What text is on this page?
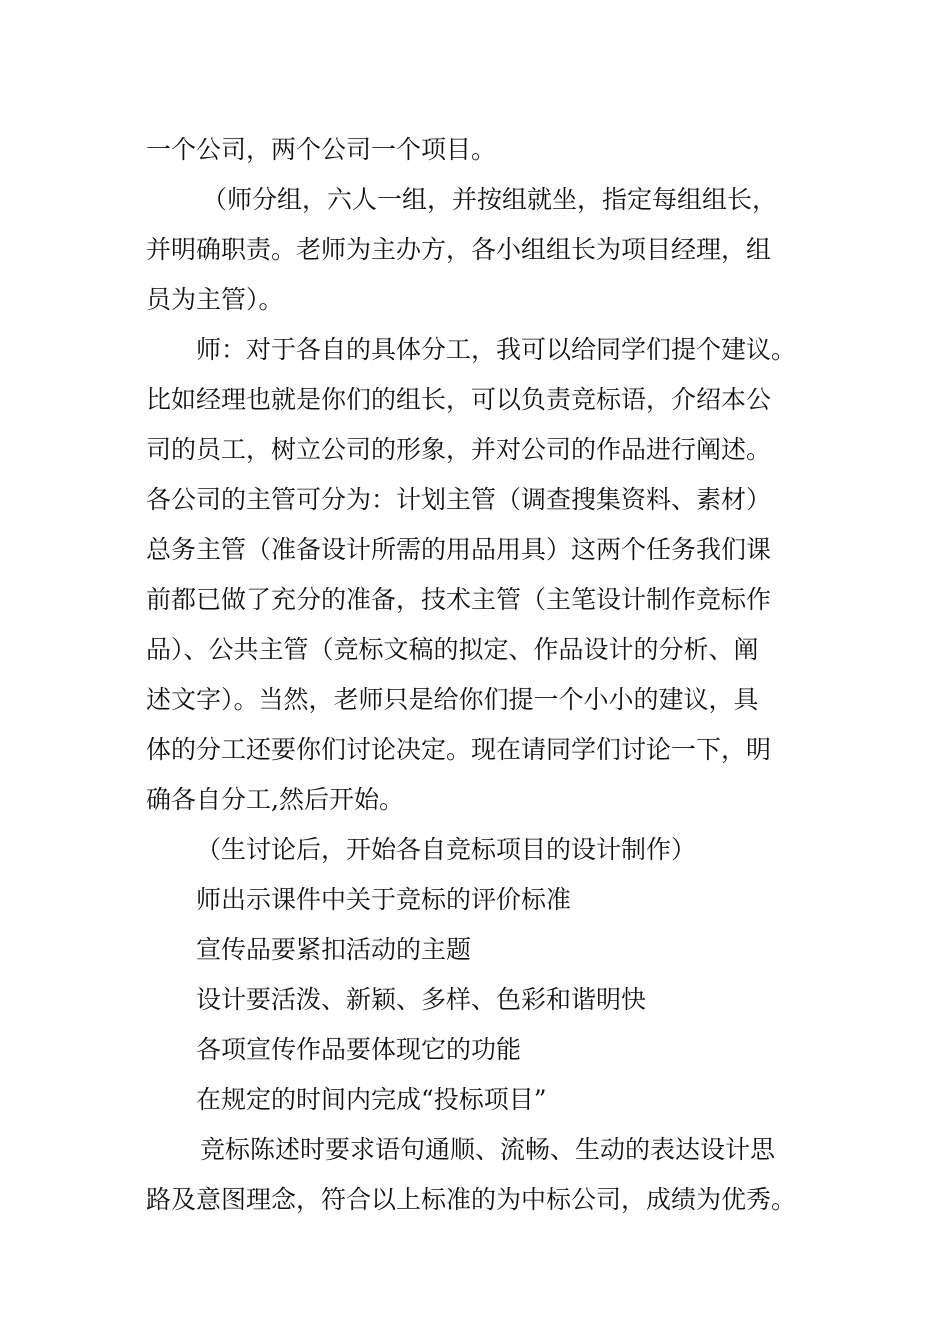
一个公司，两个公司一个项目。

（师分组，六人一组，并按组就坐，指定每组组长，
并明确职责。老师为主办方，各小组组长为项目经理，组
员为主管）。

师：对于各自的具体分工，我可以给同学们提个建议。
比如经理也就是你们的组长，可以负责竞标语，介绍本公
司的员工，树立公司的形象，并对公司的作品进行阐述。
各公司的主管可分为：计划主管（调查搜集资料、素材）
总务主管（准备设计所需的用品用具）这两个任务我们课
前都已做了充分的准备，技术主管（主笔设计制作竞标作
品）、公共主管（竞标文稿的拟定、作品设计的分析、阐
述文字）。当然，老师只是给你们提一个小小的建议，具
体的分工还要你们讨论决定。现在请同学们讨论一下，明
确各自分工,然后开始。

（生讨论后，开始各自竞标项目的设计制作）

师出示课件中关于竞标的评价标准

宣传品要紧扣活动的主题

设计要活泼、新颖、多样、色彩和谐明快

各项宣传作品要体现它的功能

在规定的时间内完成“投标项目”

竞标陈述时要求语句通顺、流畅、生动的表达设计思
路及意图理念，符合以上标准的为中标公司，成绩为优秀。
